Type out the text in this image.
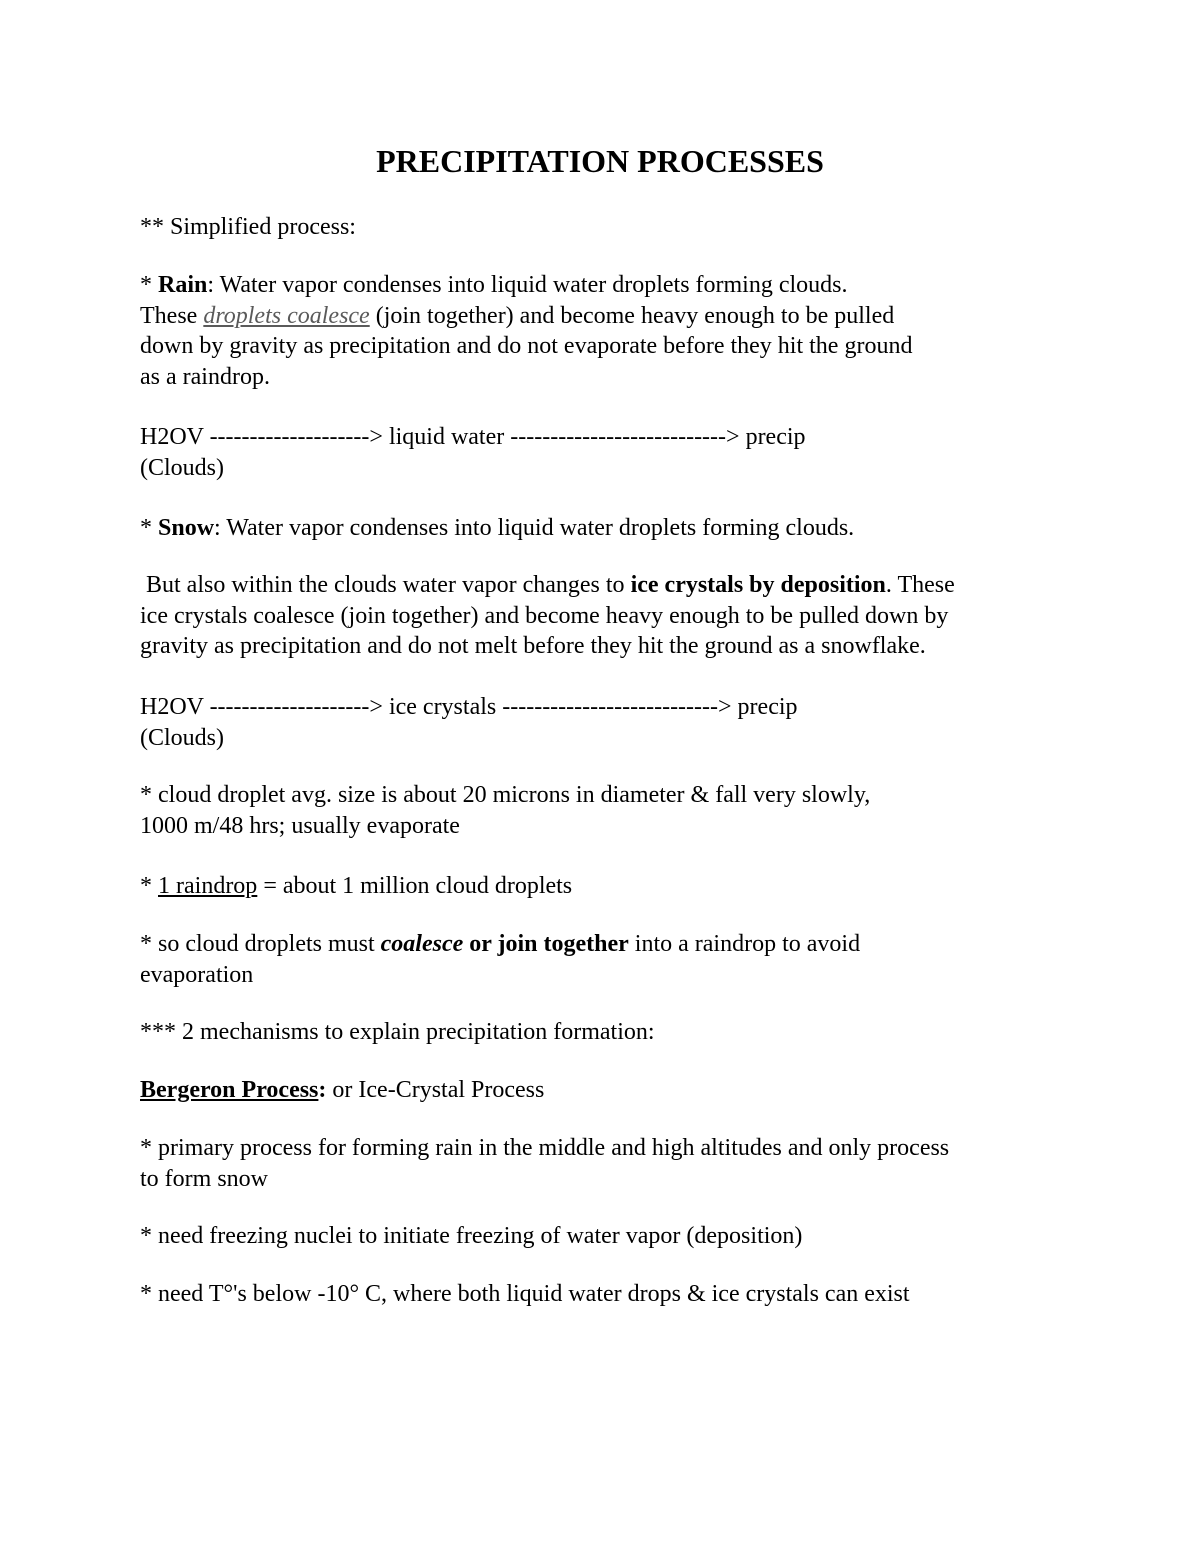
PRECIPITATION PROCESSES

** Simplified process:

* Rain: Water vapor condenses into liquid water droplets forming clouds.
These droplets coalesce (join together) and become heavy enough to be pulled
down by gravity as precipitation and do not evaporate before they hit the ground
as a raindrop.

H2OV --------------------> liquid water ---------------------------> precip
(Clouds)

* Snow: Water vapor condenses into liquid water droplets forming clouds.

But also within the clouds water vapor changes to ice crystals by deposition. These
ice crystals coalesce (join together) and become heavy enough to be pulled down by
gravity as precipitation and do not melt before they hit the ground as a snowflake.

H2OV --------------------> ice crystals ---------------------------> precip
(Clouds)

* cloud droplet avg. size is about 20 microns in diameter & fall very slowly,
1000 m/48 hrs; usually evaporate

* 1 raindrop = about 1 million cloud droplets

* so cloud droplets must coalesce or join together into a raindrop to avoid
evaporation

*** 2 mechanisms to explain precipitation formation:

Bergeron Process: or Ice-Crystal Process

* primary process for forming rain in the middle and high altitudes and only process
to form snow

* need freezing nuclei to initiate freezing of water vapor (deposition)

* need T°'s below -10° C, where both liquid water drops & ice crystals can exist
